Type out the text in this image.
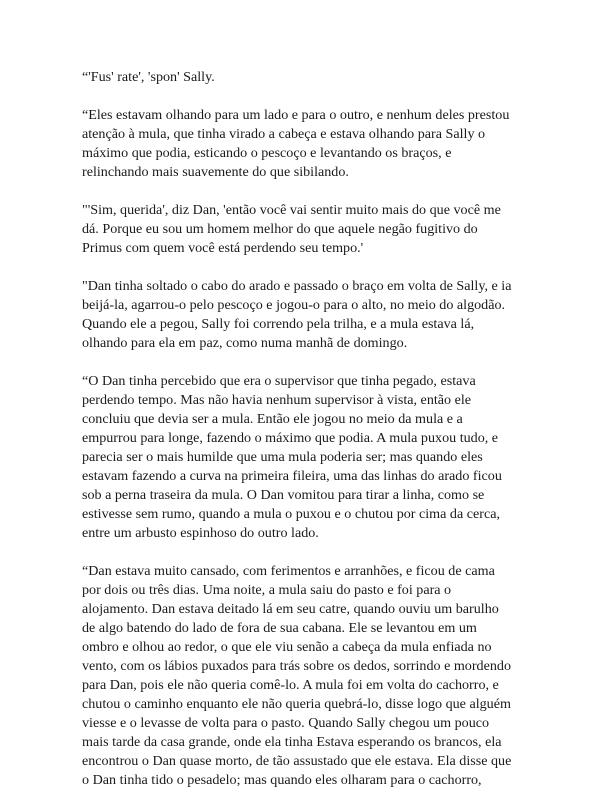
“'Fus' rate', 'spon' Sally.

“Eles estavam olhando para um lado e para o outro, e nenhum deles prestou
atenção à mula, que tinha virado a cabeça e estava olhando para Sally o
máximo que podia, esticando o pescoço e levantando os braços, e
relinchando mais suavemente do que sibilando.

"'Sim, querida', diz Dan, 'então você vai sentir muito mais do que você me
dá. Porque eu sou um homem melhor do que aquele negão fugitivo do
Primus com quem você está perdendo seu tempo.'

"Dan tinha soltado o cabo do arado e passado o braço em volta de Sally, e ia
beijá-la, agarrou-o pelo pescoço e jogou-o para o alto, no meio do algodão.
Quando ele a pegou, Sally foi correndo pela trilha, e a mula estava lá,
olhando para ela em paz, como numa manhã de domingo.

“O Dan tinha percebido que era o supervisor que tinha pegado, estava
perdendo tempo. Mas não havia nenhum supervisor à vista, então ele
concluiu que devia ser a mula. Então ele jogou no meio da mula e a
empurrou para longe, fazendo o máximo que podia. A mula puxou tudo, e
parecia ser o mais humilde que uma mula poderia ser; mas quando eles
estavam fazendo a curva na primeira fileira, uma das linhas do arado ficou
sob a perna traseira da mula. O Dan vomitou para tirar a linha, como se
estivesse sem rumo, quando a mula o puxou e o chutou por cima da cerca,
entre um arbusto espinhoso do outro lado.

“Dan estava muito cansado, com ferimentos e arranhões, e ficou de cama
por dois ou três dias. Uma noite, a mula saiu do pasto e foi para o
alojamento. Dan estava deitado lá em seu catre, quando ouviu um barulho
de algo batendo do lado de fora de sua cabana. Ele se levantou em um
ombro e olhou ao redor, o que ele viu senão a cabeça da mula enfiada no
vento, com os lábios puxados para trás sobre os dedos, sorrindo e mordendo
para Dan, pois ele não queria comê-lo. A mula foi em volta do cachorro, e
chutou o caminho enquanto ele não queria quebrá-lo, disse logo que alguém
viesse e o levasse de volta para o pasto. Quando Sally chegou um pouco
mais tarde da casa grande, onde ela tinha Estava esperando os brancos, ela
encontrou o Dan quase morto, de tão assustado que ele estava. Ela disse que
o Dan tinha tido o pesadelo; mas quando eles olharam para o cachorro,
